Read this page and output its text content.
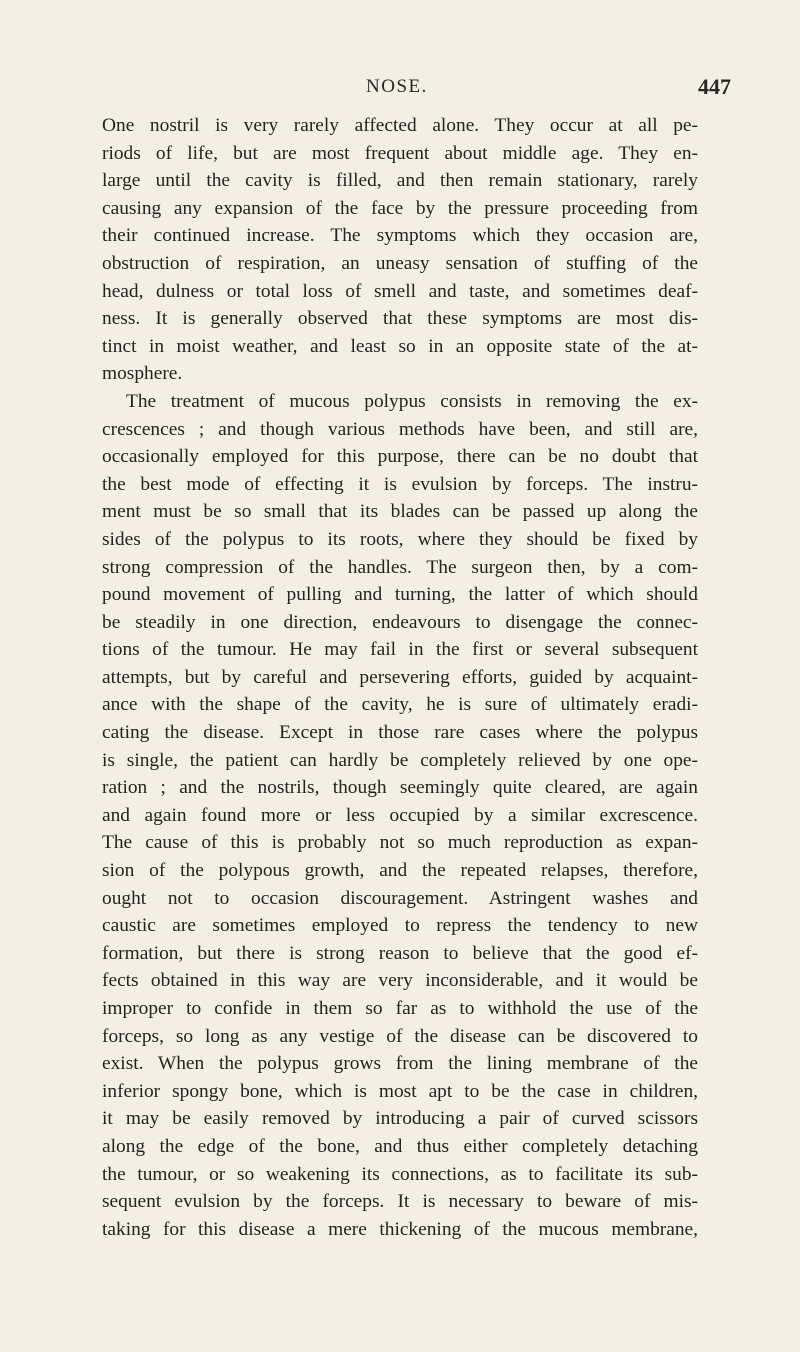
NOSE.	447
One nostril is very rarely affected alone. They occur at all pe-
riods of life, but are most frequent about middle age. They en-
large until the cavity is filled, and then remain stationary, rarely
causing any expansion of the face by the pressure proceeding from
their continued increase. The symptoms which they occasion are,
obstruction of respiration, an uneasy sensation of stuffing of the
head, dulness or total loss of smell and taste, and sometimes deaf-
ness. It is generally observed that these symptoms are most dis-
tinct in moist weather, and least so in an opposite state of the at-
mosphere.
The treatment of mucous polypus consists in removing the ex-
crescences ; and though various methods have been, and still are,
occasionally employed for this purpose, there can be no doubt that
the best mode of effecting it is evulsion by forceps. The instru-
ment must be so small that its blades can be passed up along the
sides of the polypus to its roots, where they should be fixed by
strong compression of the handles. The surgeon then, by a com-
pound movement of pulling and turning, the latter of which should
be steadily in one direction, endeavours to disengage the connec-
tions of the tumour. He may fail in the first or several subsequent
attempts, but by careful and persevering efforts, guided by acquaint-
ance with the shape of the cavity, he is sure of ultimately eradi-
cating the disease. Except in those rare cases where the polypus
is single, the patient can hardly be completely relieved by one ope-
ration ; and the nostrils, though seemingly quite cleared, are again
and again found more or less occupied by a similar excrescence.
The cause of this is probably not so much reproduction as expan-
sion of the polypous growth, and the repeated relapses, therefore,
ought not to occasion discouragement. Astringent washes and
caustic are sometimes employed to repress the tendency to new
formation, but there is strong reason to believe that the good ef-
fects obtained in this way are very inconsiderable, and it would be
improper to confide in them so far as to withhold the use of the
forceps, so long as any vestige of the disease can be discovered to
exist. When the polypus grows from the lining membrane of the
inferior spongy bone, which is most apt to be the case in children,
it may be easily removed by introducing a pair of curved scissors
along the edge of the bone, and thus either completely detaching
the tumour, or so weakening its connections, as to facilitate its sub-
sequent evulsion by the forceps. It is necessary to beware of mis-
taking for this disease a mere thickening of the mucous membrane,
